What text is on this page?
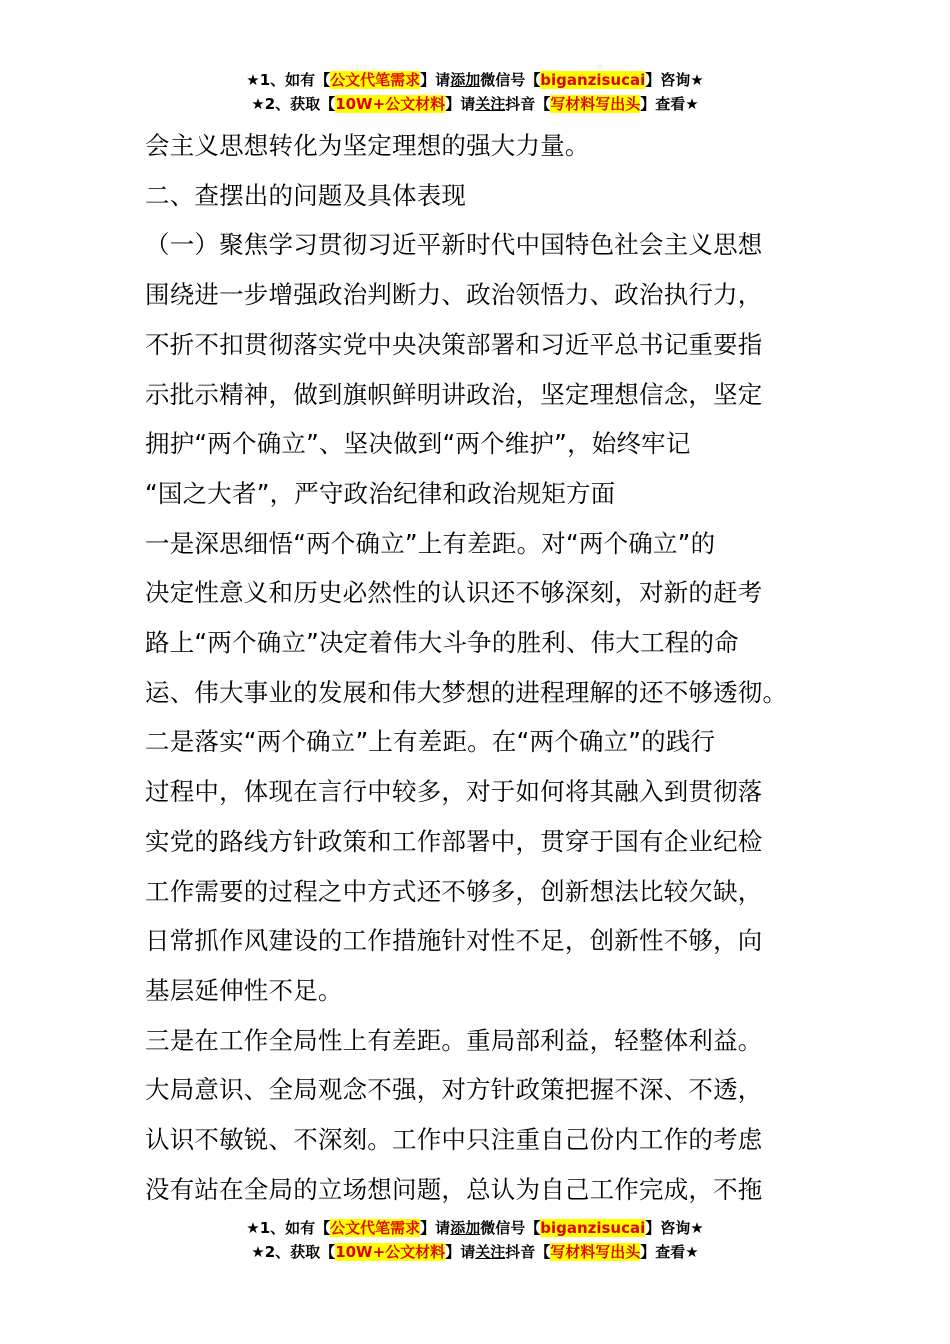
★1、如有【公文代笔需求】请添加微信号【biganzisucai】咨询★
★2、获取【10W+公文材料】请关注抖音【写材料写出头】查看★
会主义思想转化为坚定理想的强大力量。
二、查摆出的问题及具体表现
（一）聚焦学习贯彻习近平新时代中国特色社会主义思想
围绕进一步增强政治判断力、政治领悟力、政治执行力，
不折不扣贯彻落实党中央决策部署和习近平总书记重要指
示批示精神，做到旗帜鲜明讲政治，坚定理想信念，坚定
拥护“两个确立”、坚决做到“两个维护”，始终牢记
“国之大者”，严守政治纪律和政治规矩方面
一是深思细悟“两个确立”上有差距。对“两个确立”的
决定性意义和历史必然性的认识还不够深刻，对新的赶考
路上“两个确立”决定着伟大斗争的胜利、伟大工程的命
运、伟大事业的发展和伟大梦想的进程理解的还不够透彻。
二是落实“两个确立”上有差距。在“两个确立”的践行
过程中，体现在言行中较多，对于如何将其融入到贯彻落
实党的路线方针政策和工作部署中，贯穿于国有企业纪检
工作需要的过程之中方式还不够多，创新想法比较欠缺，
日常抓作风建设的工作措施针对性不足，创新性不够，向
基层延伸性不足。
三是在工作全局性上有差距。重局部利益，轻整体利益。
大局意识、全局观念不强，对方针政策把握不深、不透，
认识不敏锐、不深刻。工作中只注重自己份内工作的考虑
没有站在全局的立场想问题，总认为自己工作完成，不拖
★1、如有【公文代笔需求】请添加微信号【biganzisucai】咨询★
★2、获取【10W+公文材料】请关注抖音【写材料写出头】查看★
